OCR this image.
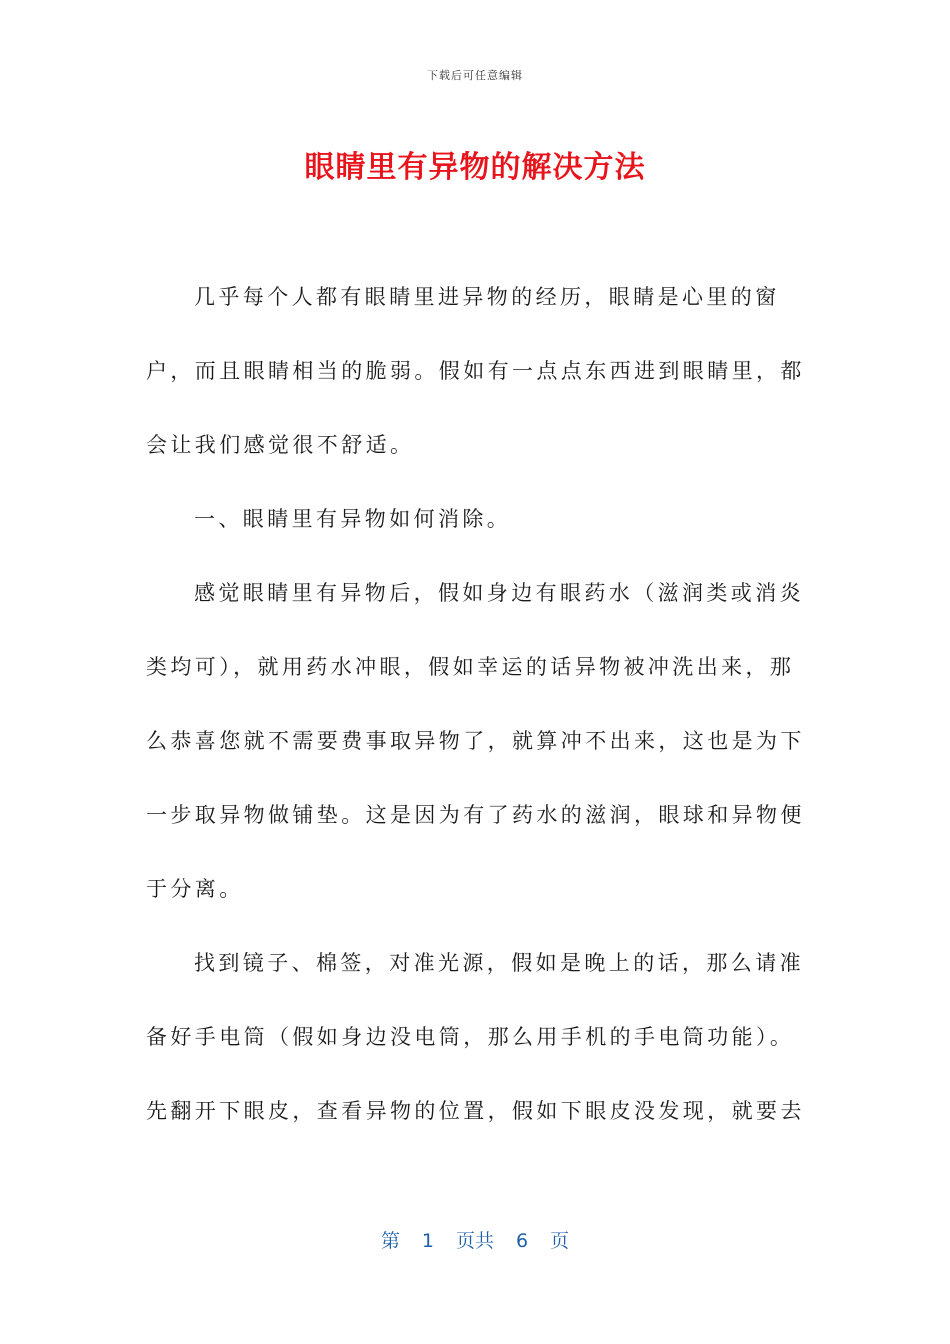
下载后可任意编辑
眼睛里有异物的解决方法

几乎每个人都有眼睛里进异物的经历，眼睛是心里的窗户，而且眼睛相当的脆弱。假如有一点点东西进到眼睛里，都会让我们感觉很不舒适。

一、眼睛里有异物如何消除。

感觉眼睛里有异物后，假如身边有眼药水（滋润类或消炎类均可），就用药水冲眼，假如幸运的话异物被冲洗出来，那么恭喜您就不需要费事取异物了，就算冲不出来，这也是为下一步取异物做铺垫。这是因为有了药水的滋润，眼球和异物便于分离。

找到镜子、棉签，对准光源，假如是晚上的话，那么请准备好手电筒（假如身边没电筒，那么用手机的手电筒功能）。先翻开下眼皮，查看异物的位置，假如下眼皮没发现，就要去

第 1 页共 6 页
